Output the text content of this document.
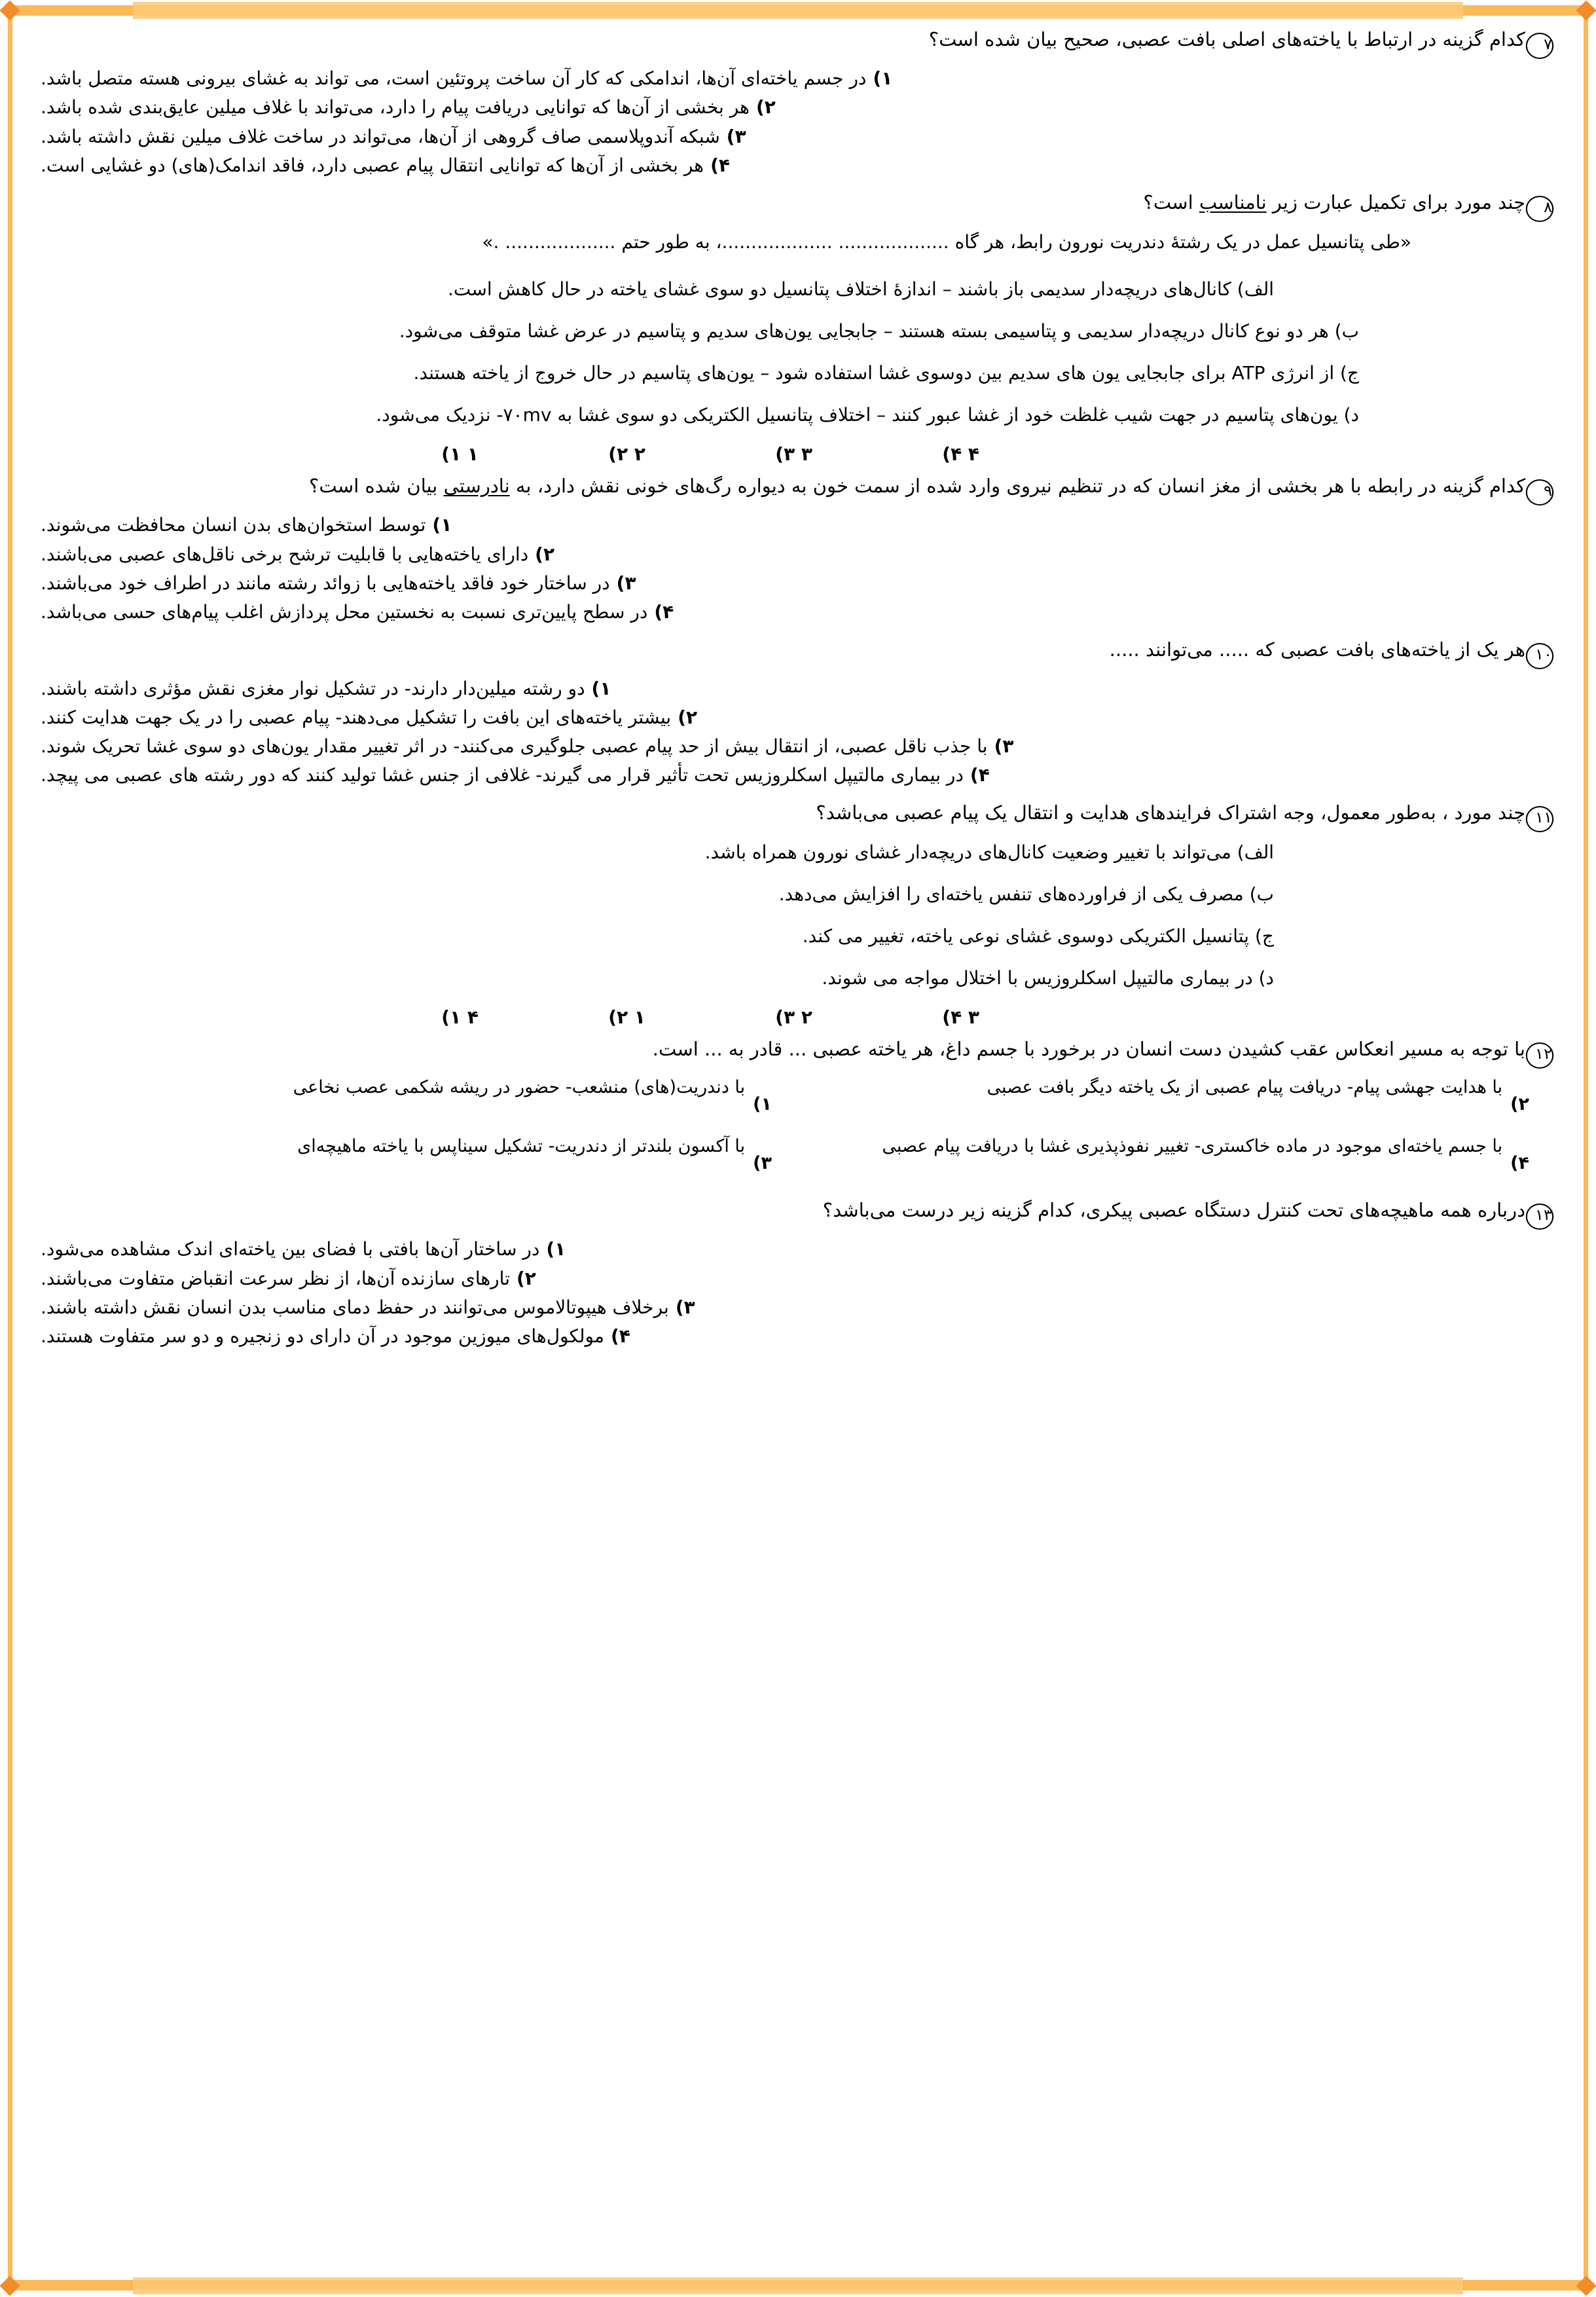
۷کدام گزینه در ارتباط با یاخته‌های اصلی بافت عصبی، صحیح بیان شده است؟

۱)
در جسم یاخته‌ای آن‌ها، اندامکی که کار آن ساخت پروتئین است، می تواند به غشای بیرونی هسته متصل باشد.
۲)
هر بخشی از آن‌ها که توانایی دریافت پیام را دارد، می‌تواند با غلاف میلین عایق‌بندی شده باشد.
۳)
شبکه آندوپلاسمی صاف گروهی از آن‌ها، می‌تواند در ساخت غلاف میلین نقش داشته باشد.
۴)
هر بخشی از آن‌ها که توانایی انتقال پیام عصبی دارد، فاقد اندامک(های) دو غشایی است.

۸چند مورد برای تکمیل عبارت زیر نامناسب است؟

«طی پتانسیل عمل در یک رشتهٔ دندریت نورون رابط، هر گاه ................... ...................، به طور حتم ................... .»

الف) کانال‌های دریچه‌دار سدیمی باز باشند – اندازهٔ اختلاف پتانسیل دو سوی غشای یاخته در حال کاهش است.

ب) هر دو نوع کانال دریچه‌دار سدیمی و پتاسیمی بسته هستند – جابجایی یون‌های سدیم و پتاسیم در عرض غشا متوقف می‌شود.

ج) از انرژی ATP برای جابجایی یون های سدیم بین دوسوی غشا استفاده شود – یون‌های پتاسیم در حال خروج از یاخته هستند.

د) یون‌های پتاسیم در جهت شیب غلظت خود از غشا عبور کنند – اختلاف پتانسیل الکتریکی دو سوی غشا به ۷۰mv- نزدیک می‌شود.

۴ ۴)
۳ ۳)
۲ ۲)
۱ ۱)

۹کدام گزینه در رابطه با هر بخشی از مغز انسان که در تنظیم نیروی وارد شده از سمت خون به دیواره رگ‌های خونی نقش دارد، به نادرستی بیان شده است؟

۱)
توسط استخوان‌های بدن انسان محافظت می‌شوند.
۲)
دارای یاخته‌هایی با قابلیت ترشح برخی ناقل‌های عصبی می‌باشند.
۳)
در ساختار خود فاقد یاخته‌هایی با زوائد رشته مانند در اطراف خود می‌باشند.
۴)
در سطح پایین‌تری نسبت به نخستین محل پردازش اغلب پیام‌های حسی می‌باشد.

۱۰هر یک از یاخته‌های بافت عصبی که ..... می‌توانند .....

۱)
دو رشته میلین‌دار دارند- در تشکیل نوار مغزی نقش مؤثری داشته باشند.
۲)
بیشتر یاخته‌های این بافت را تشکیل می‌دهند- پیام عصبی را در یک جهت هدایت کنند.
۳)
با جذب ناقل عصبی، از انتقال بیش از حد پیام عصبی جلوگیری می‌کنند- در اثر تغییر مقدار یون‌های دو سوی غشا تحریک شوند.
۴)
در بیماری مالتیپل اسکلروزیس تحت تأثیر قرار می گیرند- غلافی از جنس غشا تولید کنند که دور رشته های عصبی می پیچد.

۱۱چند مورد ، به‌طور معمول، وجه اشتراک فرایندهای هدایت و انتقال یک پیام عصبی می‌باشد؟

الف) می‌تواند با تغییر وضعیت کانال‌های دریچه‌دار غشای نورون همراه باشد.

ب) مصرف یکی از فراورده‌های تنفس یاخته‌ای را افزایش می‌دهد.

ج) پتانسیل الکتریکی دوسوی غشای نوعی یاخته، تغییر می کند.

د) در بیماری مالتیپل اسکلروزیس با اختلال مواجه می شوند.

۳ ۴)
۲ ۳)
۱ ۲)
۴ ۱)

۱۲با توجه به مسیر انعکاس عقب کشیدن دست انسان در برخورد با جسم داغ، هر یاخته عصبی ... قادر به ... است.

۲)
با هدایت جهشی پیام- دریافت پیام عصبی از یک یاخته دیگر بافت عصبی
۱)
با دندریت(های) منشعب- حضور در ریشه شکمی عصب نخاعی
۴)
با جسم یاخته‌ای موجود در ماده خاکستری- تغییر نفوذپذیری غشا با دریافت پیام عصبی
۳)
با آکسون بلندتر از دندریت- تشکیل سیناپس با یاخته ماهیچه‌ای

۱۳درباره همه ماهیچه‌های تحت کنترل دستگاه عصبی پیکری، کدام گزینه زیر درست می‌باشد؟

۱)
در ساختار آن‌ها بافتی با فضای بین یاخته‌ای اندک مشاهده می‌شود.
۲)
تارهای سازنده آن‌ها، از نظر سرعت انقباض متفاوت می‌باشند.
۳)
برخلاف هیپوتالاموس می‌توانند در حفظ دمای مناسب بدن انسان نقش داشته باشند.
۴)
مولکول‌های میوزین موجود در آن دارای دو زنجیره و دو سر متفاوت هستند.
